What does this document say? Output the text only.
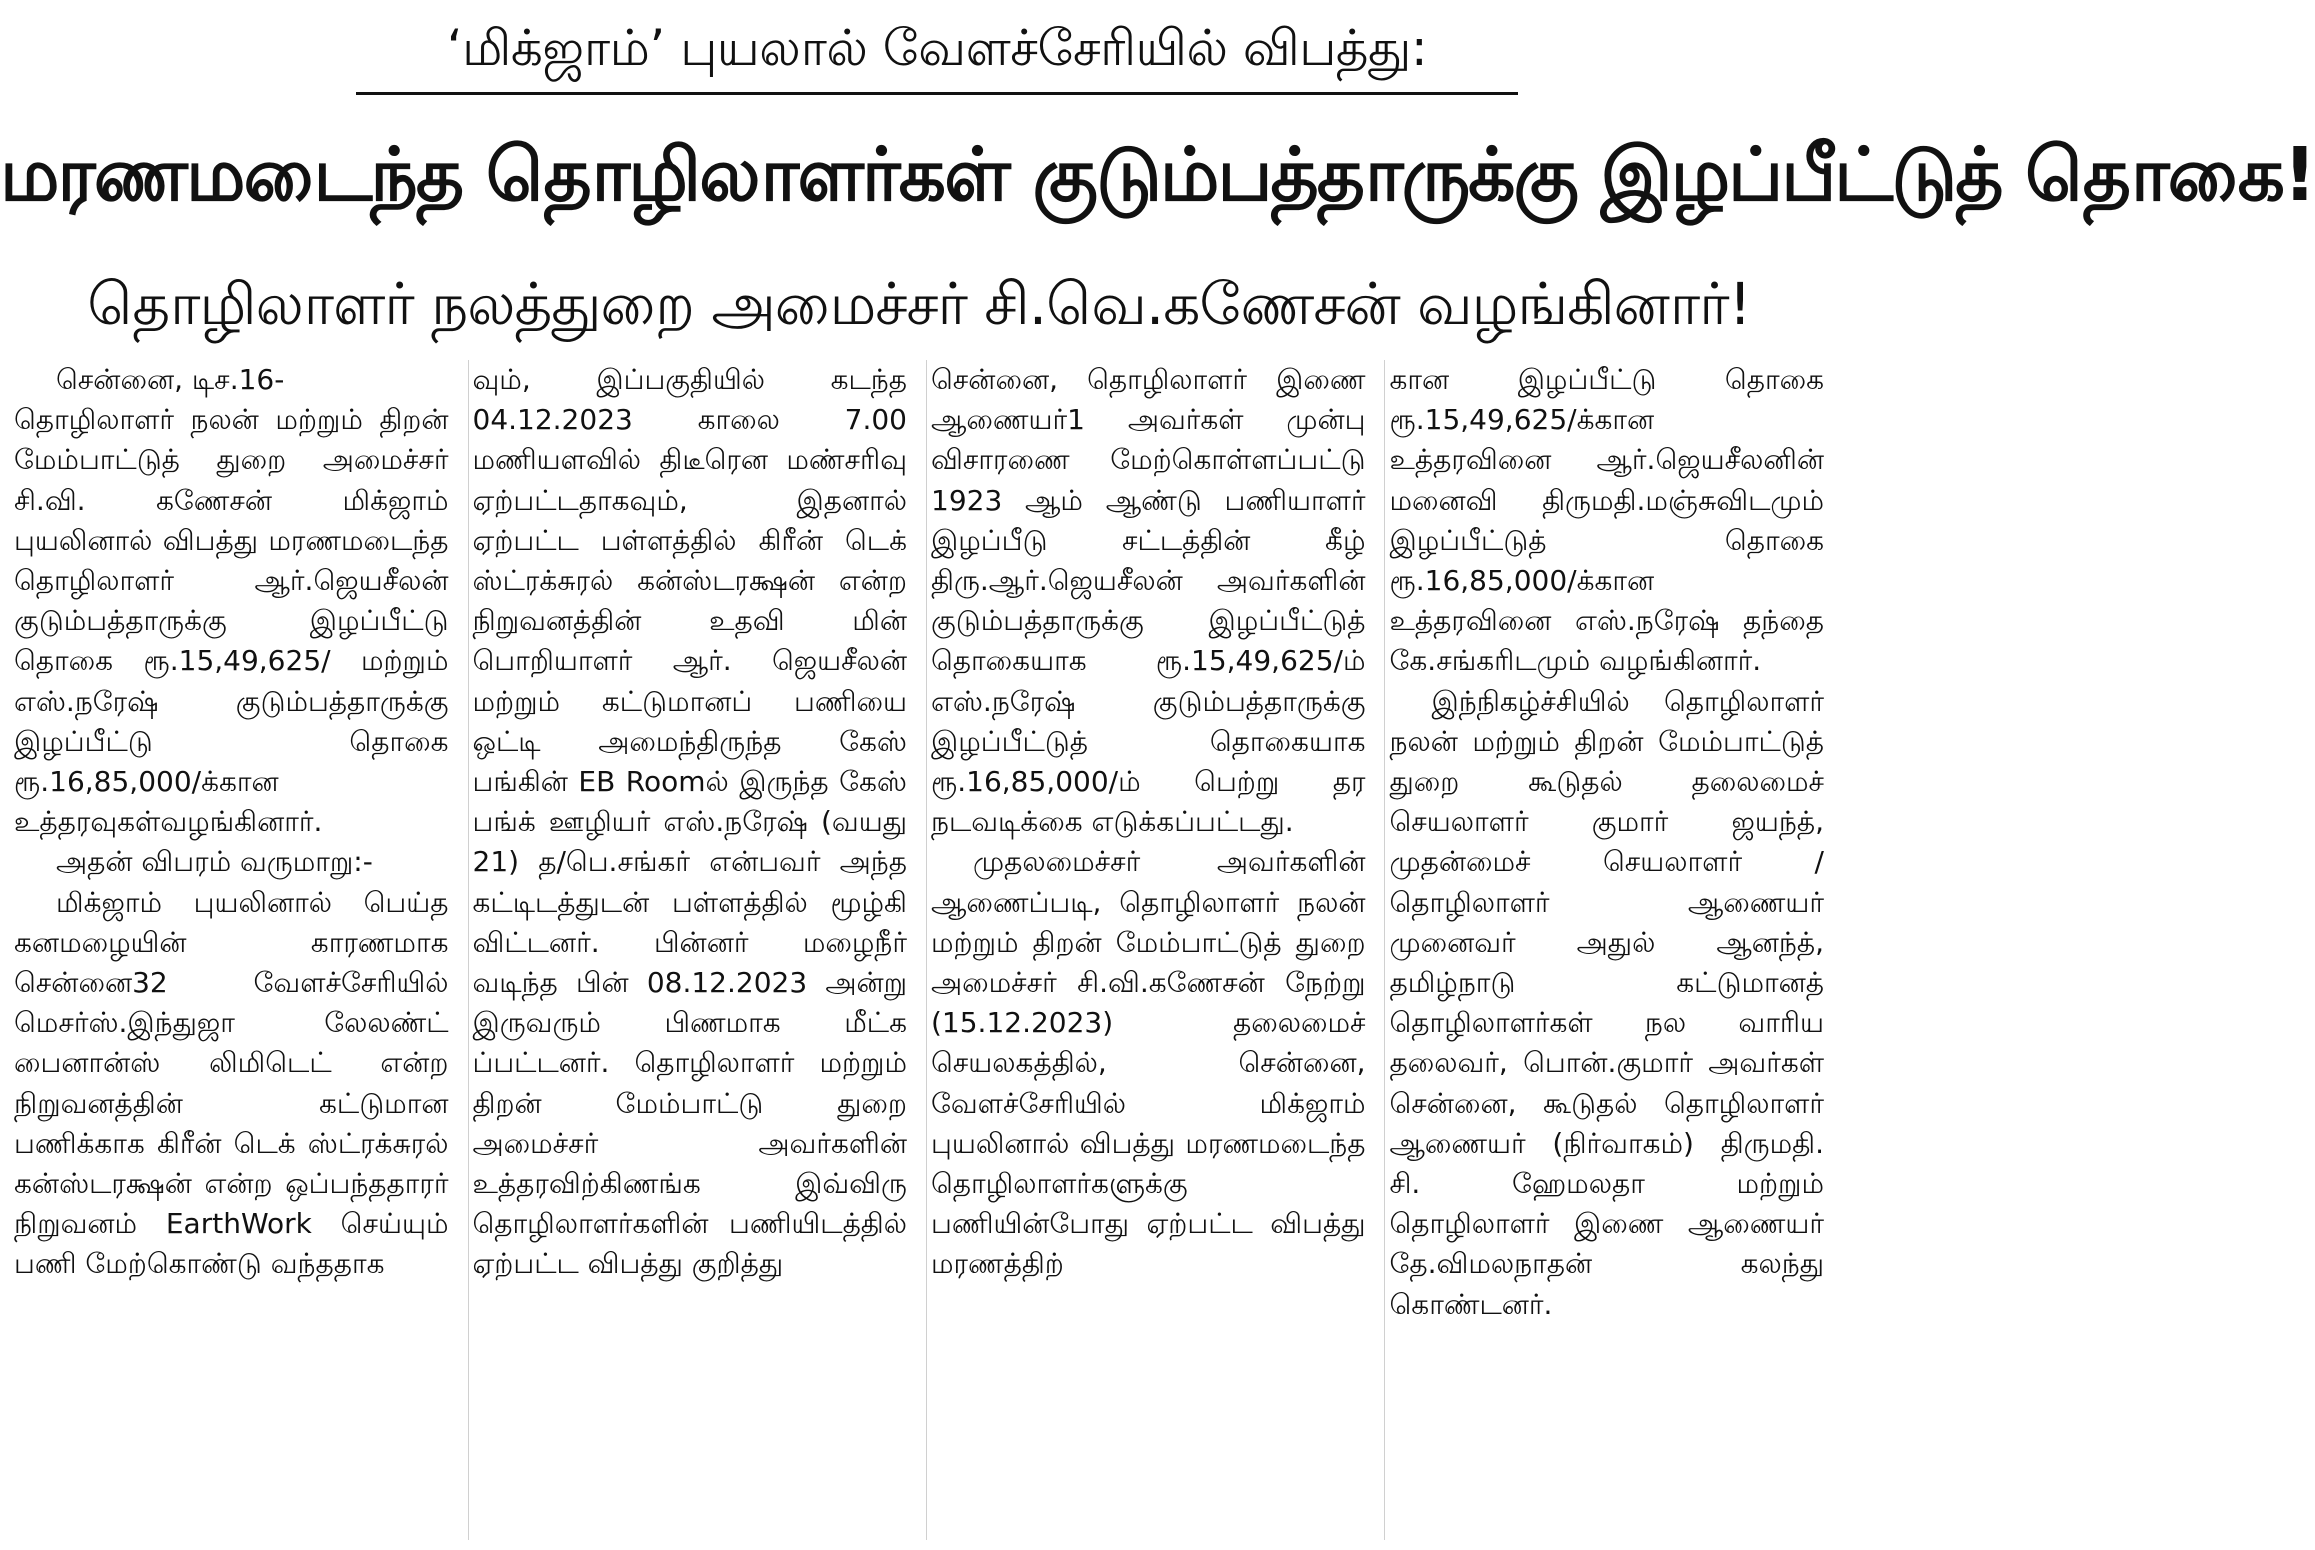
‘மிக்ஜாம்’ புயலால் வேளச்சேரியில் விபத்து:
மரணமடைந்த தொழிலாளர்கள் குடும்பத்தாருக்கு இழப்பீட்டுத் தொகை!
தொழிலாளர் நலத்துறை அமைச்சர் சி.வெ.கணேசன் வழங்கினார்!

சென்னை, டிச.16-

தொழிலாளர் நலன் மற்றும் திறன் மேம்பாட்டுத் துறை அமைச்சர் சி.வி. கணேசன் மிக்ஜாம் புயலினால் விபத்து மரணமடைந்த தொழிலாளர் ஆர்.ஜெயசீலன் குடும்பத்தாருக்கு இழப்பீட்டு தொகை ரூ.15,49,625/ மற்றும் எஸ்.நரேஷ் குடும்பத்தாருக்கு இழப்பீட்டு தொகை ரூ.16,85,000/க்கான உத்தரவுகள்வழங்கினார்.

அதன் விபரம் வருமாறு:-

மிக்ஜாம் புயலினால் பெய்த கனமழையின் காரணமாக சென்னை32 வேளச்சேரியில் மெசர்ஸ்.இந்துஜா லேலண்ட் பைனான்ஸ் லிமிடெட் என்ற நிறுவனத்தின் கட்டுமான பணிக்காக கிரீன் டெக் ஸ்ட்ரக்சுரல் கன்ஸ்டரக்ஷன் என்ற ஒப்பந்ததாரர் நிறுவனம் EarthWork செய்யும் பணி மேற்கொண்டு வந்ததாக

வும், இப்பகுதியில் கடந்த 04.12.2023 காலை 7.00 மணியளவில் திடீரென மண்சரிவு ஏற்பட்டதாகவும், இதனால் ஏற்பட்ட பள்ளத்தில் கிரீன் டெக் ஸ்ட்ரக்சுரல் கன்ஸ்டரக்ஷன் என்ற நிறுவனத்தின் உதவி மின் பொறியாளர் ஆர். ஜெயசீலன் மற்றும் கட்டுமானப் பணியை ஒட்டி அமைந்திருந்த கேஸ் பங்கின் EB Roomல் இருந்த கேஸ் பங்க் ஊழியர் எஸ்.நரேஷ் (வயது 21) த/பெ.சங்கர் என்பவர் அந்த கட்டிடத்துடன் பள்ளத்தில் மூழ்கி விட்டனர். பின்னர் மழைநீர் வடிந்த பின் 08.12.2023 அன்று இருவரும் பிணமாக மீட்க ப்பட்டனர். தொழிலாளர் மற்றும் திறன் மேம்பாட்டு துறை அமைச்சர் அவர்களின் உத்தரவிற்கிணங்க இவ்விரு தொழிலாளர்களின் பணியிடத்தில் ஏற்பட்ட விபத்து குறித்து

சென்னை, தொழிலாளர் இணை ஆணையர்1 அவர்கள் முன்பு விசாரணை மேற்கொள்ளப்பட்டு 1923 ஆம் ஆண்டு பணியாளர் இழப்பீடு சட்டத்தின் கீழ் திரு.ஆர்.ஜெயசீலன் அவர்களின் குடும்பத்தாருக்கு இழப்பீட்டுத் தொகையாக ரூ.15,49,625/ம் எஸ்.நரேஷ் குடும்பத்தாருக்கு இழப்பீட்டுத் தொகையாக ரூ.16,85,000/ம் பெற்று தர நடவடிக்கை எடுக்கப்பட்டது.

முதலமைச்சர் அவர்களின் ஆணைப்படி, தொழிலாளர் நலன் மற்றும் திறன் மேம்பாட்டுத் துறை அமைச்சர் சி.வி.கணேசன் நேற்று (15.12.2023) தலைமைச் செயலகத்தில், சென்னை, வேளச்சேரியில் மிக்ஜாம் புயலினால் விபத்து மரணமடைந்த தொழிலாளர்களுக்கு பணியின்போது ஏற்பட்ட விபத்து மரணத்திற்

கான இழப்பீட்டு தொகை ரூ.15,49,625/க்கான உத்தரவினை ஆர்.ஜெயசீலனின் மனைவி திருமதி.மஞ்சுவிடமும் இழப்பீட்டுத் தொகை ரூ.16,85,000/க்கான உத்தரவினை எஸ்.நரேஷ் தந்தை கே.சங்கரிடமும் வழங்கினார்.

இந்நிகழ்ச்சியில் தொழிலாளர் நலன் மற்றும் திறன் மேம்பாட்டுத் துறை கூடுதல் தலைமைச் செயலாளர் குமார் ஜயந்த், முதன்மைச் செயலாளர் / தொழிலாளர் ஆணையர் முனைவர் அதுல் ஆனந்த், தமிழ்நாடு கட்டுமானத் தொழிலாளர்கள் நல வாரிய தலைவர், பொன்.குமார் அவர்கள் சென்னை, கூடுதல் தொழிலாளர் ஆணையர் (நிர்வாகம்) திருமதி. சி. ஹேமலதா மற்றும் தொழிலாளர் இணை ஆணையர் தே.விமலநாதன் கலந்து கொண்டனர்.
